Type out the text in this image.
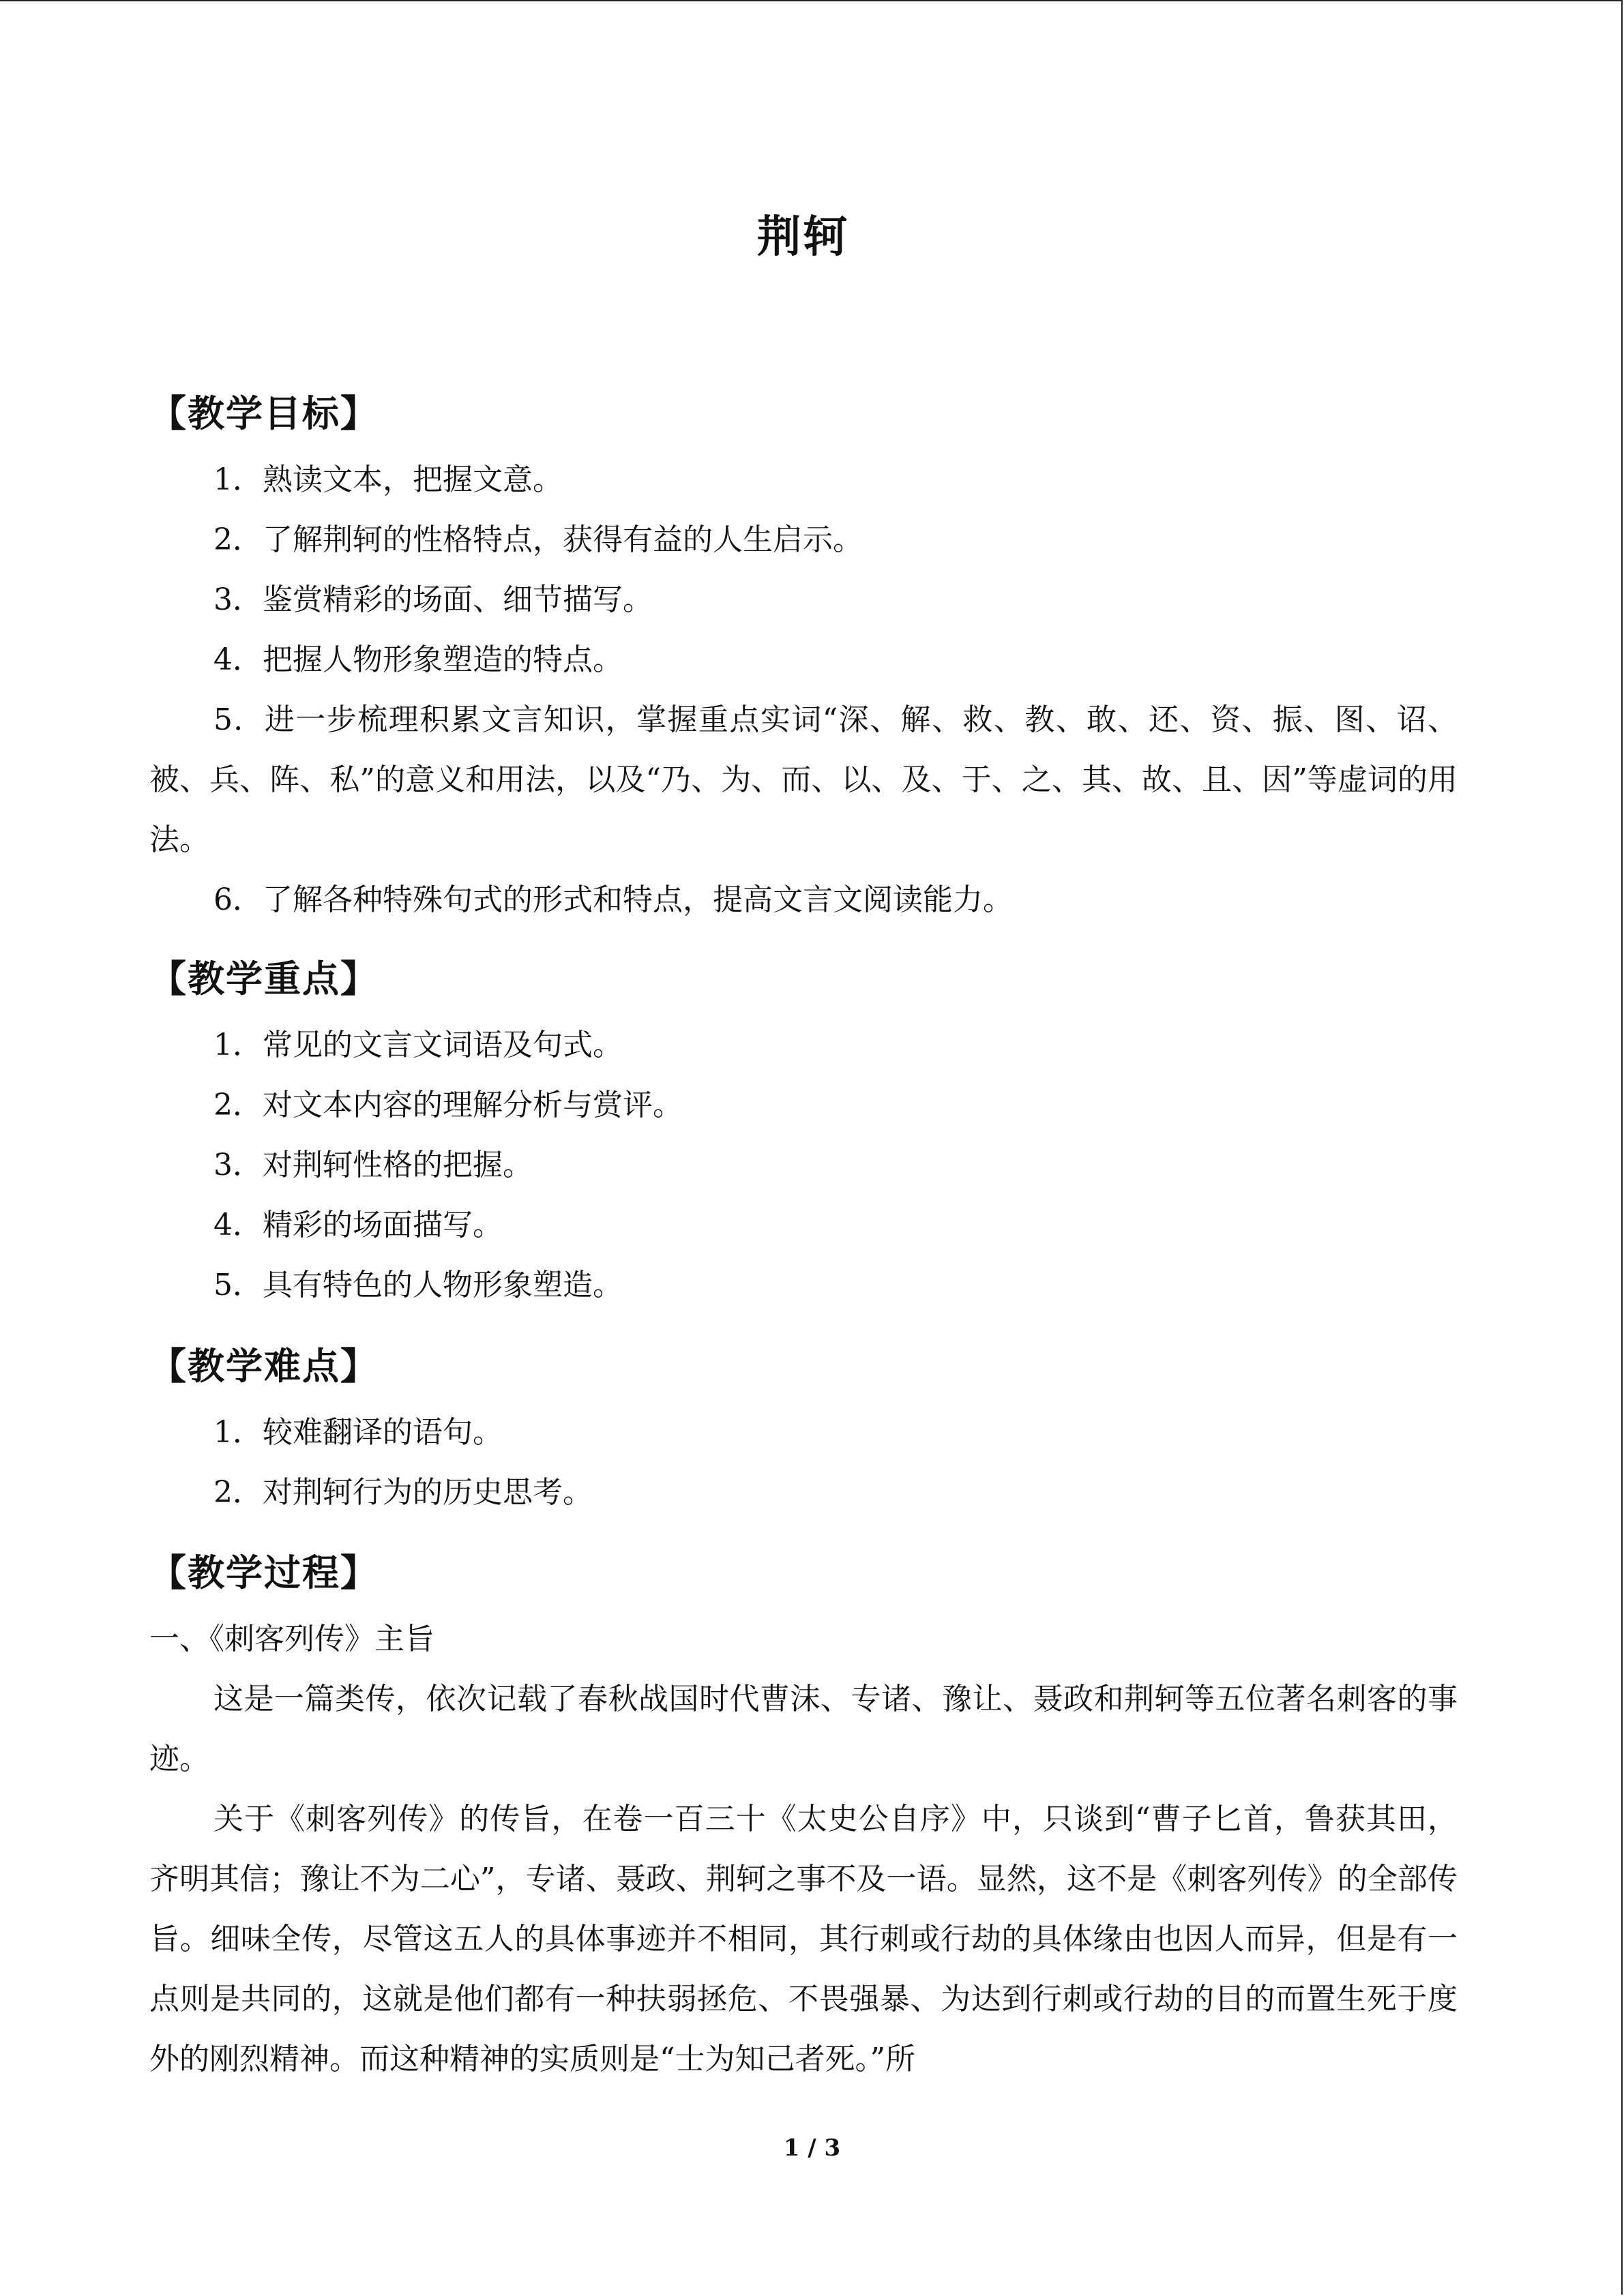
荆轲
【教学目标】

1．熟读文本，把握文意。

2．了解荆轲的性格特点，获得有益的人生启示。

3．鉴赏精彩的场面、细节描写。

4．把握人物形象塑造的特点。

5．进一步梳理积累文言知识，掌握重点实词“深、解、救、教、敢、还、资、振、图、诏、被、兵、阵、私”的意义和用法，以及“乃、为、而、以、及、于、之、其、故、且、因”等虚词的用法。

6．了解各种特殊句式的形式和特点，提高文言文阅读能力。

【教学重点】

1．常见的文言文词语及句式。

2．对文本内容的理解分析与赏评。

3．对荆轲性格的把握。

4．精彩的场面描写。

5．具有特色的人物形象塑造。

【教学难点】

1．较难翻译的语句。

2．对荆轲行为的历史思考。

【教学过程】

一、《刺客列传》主旨

这是一篇类传，依次记载了春秋战国时代曹沫、专诸、豫让、聂政和荆轲等五位著名刺客的事迹。

关于《刺客列传》的传旨，在卷一百三十《太史公自序》中，只谈到“曹子匕首，鲁获其田，齐明其信；豫让不为二心”，专诸、聂政、荆轲之事不及一语。显然，这不是《刺客列传》的全部传旨。细味全传，尽管这五人的具体事迹并不相同，其行刺或行劫的具体缘由也因人而异，但是有一点则是共同的，这就是他们都有一种扶弱拯危、不畏强暴、为达到行刺或行劫的目的而置生死于度外的刚烈精神。而这种精神的实质则是“士为知己者死。”所

1 / 3
